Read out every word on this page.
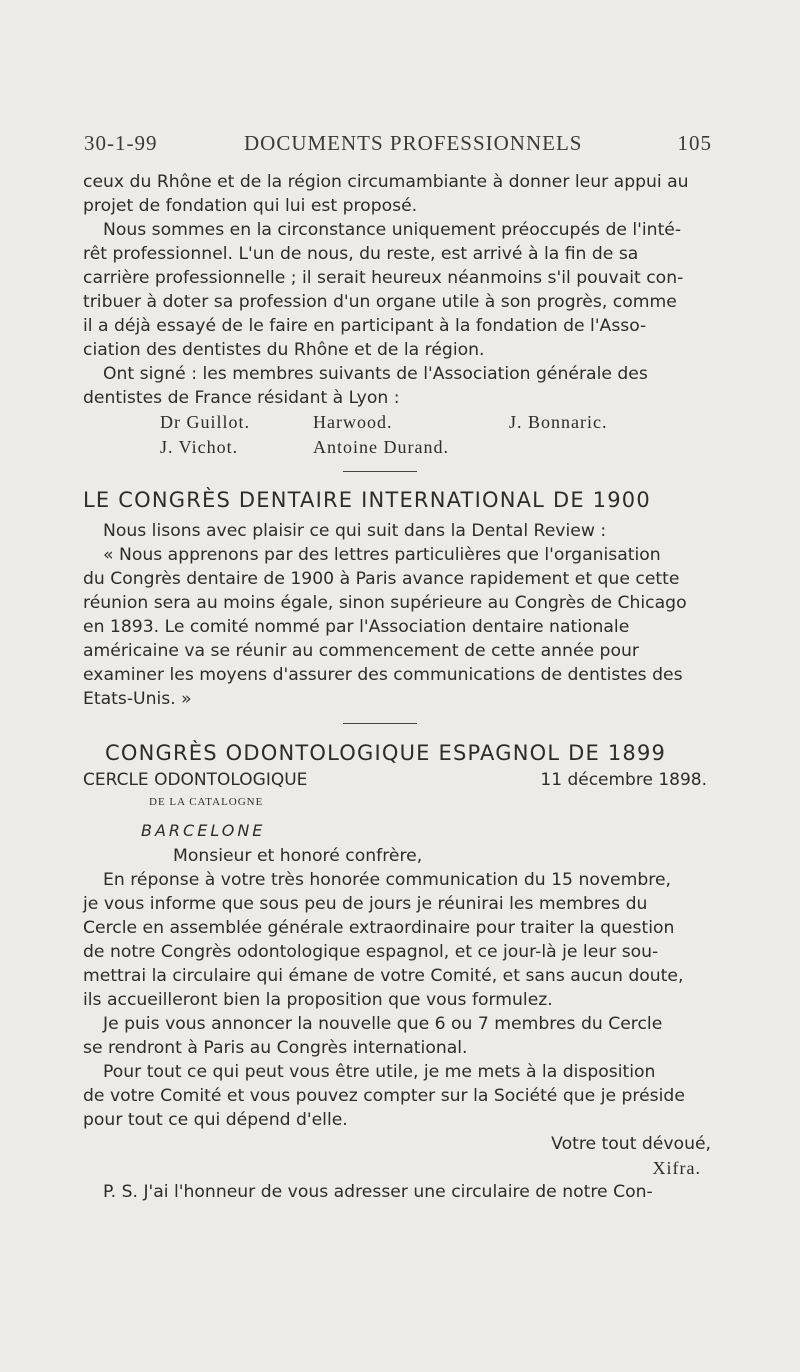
30-1-99	DOCUMENTS PROFESSIONNELS	105
ceux du Rhône et de la région circumambiante à donner leur appui au
projet de fondation qui lui est proposé.
Nous sommes en la circonstance uniquement préoccupés de l'inté-
rêt professionnel. L'un de nous, du reste, est arrivé à la fin de sa
carrière professionnelle ; il serait heureux néanmoins s'il pouvait con-
tribuer à doter sa profession d'un organe utile à son progrès, comme
il a déjà essayé de le faire en participant à la fondation de l'Asso-
ciation des dentistes du Rhône et de la région.
Ont signé : les membres suivants de l'Association générale des
dentistes de France résidant à Lyon :
Dr Guillot.	Harwood.	J. Bonnaric.
J. Vichot.	Antoine Durand.
LE CONGRÈS DENTAIRE INTERNATIONAL DE 1900
Nous lisons avec plaisir ce qui suit dans la Dental Review :
« Nous apprenons par des lettres particulières que l'organisation
du Congrès dentaire de 1900 à Paris avance rapidement et que cette
réunion sera au moins égale, sinon supérieure au Congrès de Chicago
en 1893. Le comité nommé par l'Association dentaire nationale
américaine va se réunir au commencement de cette année pour
examiner les moyens d'assurer des communications de dentistes des
Etats-Unis. »
CONGRÈS ODONTOLOGIQUE ESPAGNOL DE 1899
CERCLE ODONTOLOGIQUE	11 décembre 1898.
DE LA CATALOGNE
BARCELONE
Monsieur et honoré confrère,
En réponse à votre très honorée communication du 15 novembre,
je vous informe que sous peu de jours je réunirai les membres du
Cercle en assemblée générale extraordinaire pour traiter la question
de notre Congrès odontologique espagnol, et ce jour-là je leur sou-
mettrai la circulaire qui émane de votre Comité, et sans aucun doute,
ils accueilleront bien la proposition que vous formulez.
Je puis vous annoncer la nouvelle que 6 ou 7 membres du Cercle
se rendront à Paris au Congrès international.
Pour tout ce qui peut vous être utile, je me mets à la disposition
de votre Comité et vous pouvez compter sur la Société que je préside
pour tout ce qui dépend d'elle.
Votre tout dévoué,
Xifra.
P. S. J'ai l'honneur de vous adresser une circulaire de notre Con-
